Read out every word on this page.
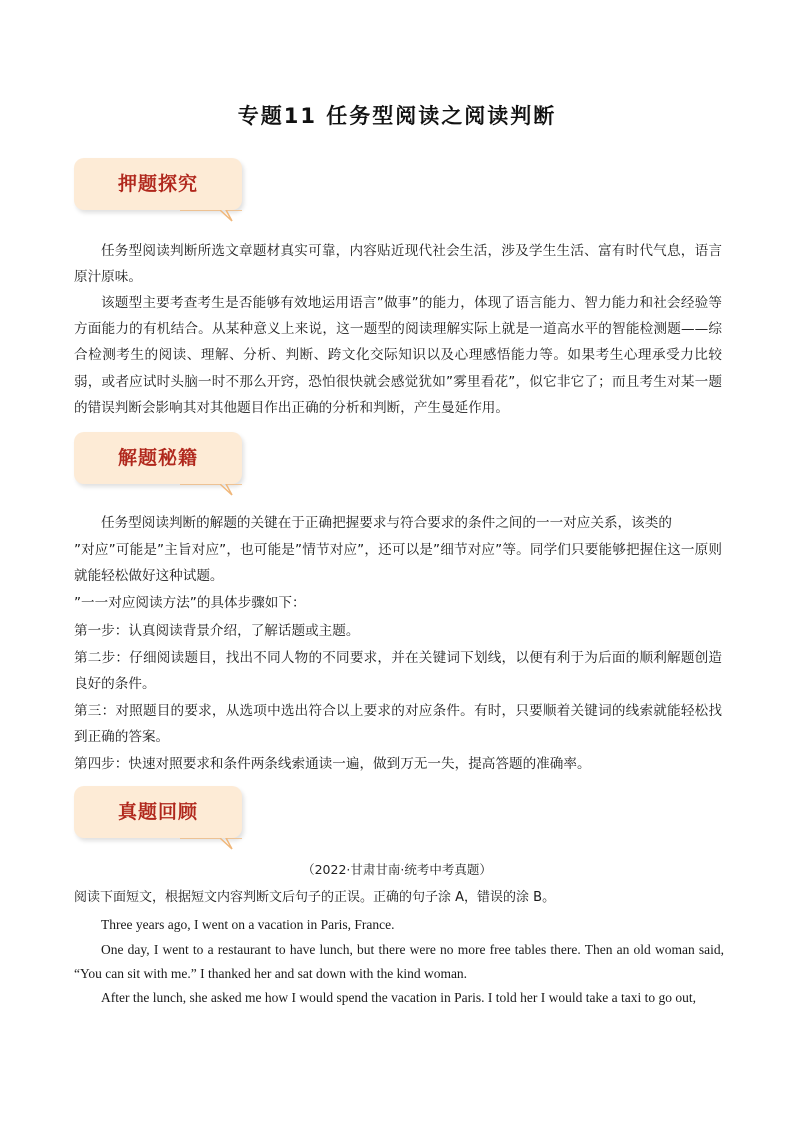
专题11 任务型阅读之阅读判断
押题探究

任务型阅读判断所选文章题材真实可靠，内容贴近现代社会生活，涉及学生生活、富有时代气息，语言原汁原味。

该题型主要考查考生是否能够有效地运用语言”做事”的能力，体现了语言能力、智力能力和社会经验等方面能力的有机结合。从某种意义上来说，这一题型的阅读理解实际上就是一道高水平的智能检测题——综合检测考生的阅读、理解、分析、判断、跨文化交际知识以及心理感悟能力等。如果考生心理承受力比较弱，或者应试时头脑一时不那么开窍，恐怕很快就会感觉犹如”雾里看花”，似它非它了；而且考生对某一题的错误判断会影响其对其他题目作出正确的分析和判断，产生曼延作用。

解题秘籍

任务型阅读判断的解题的关键在于正确把握要求与符合要求的条件之间的一一对应关系，该类的

”对应”可能是”主旨对应”，也可能是”情节对应”，还可以是”细节对应”等。同学们只要能够把握住这一原则就能轻松做好这种试题。

”一一对应阅读方法”的具体步骤如下：

第一步：认真阅读背景介绍，了解话题或主题。

第二步：仔细阅读题目，找出不同人物的不同要求，并在关键词下划线，以便有利于为后面的顺利解题创造良好的条件。

第三：对照题目的要求，从选项中选出符合以上要求的对应条件。有时，只要顺着关键词的线索就能轻松找到正确的答案。

第四步：快速对照要求和条件两条线索通读一遍，做到万无一失，提高答题的准确率。

真题回顾
（2022·甘肃甘南·统考中考真题）

阅读下面短文，根据短文内容判断文后句子的正误。正确的句子涂 A，错误的涂 B。

Three years ago, I went on a vacation in Paris, France.

One day, I went to a restaurant to have lunch, but there were no more free tables there. Then an old woman said, “You can sit with me.” I thanked her and sat down with the kind woman.

After the lunch, she asked me how I would spend the vacation in Paris. I told her I would take a taxi to go out,
